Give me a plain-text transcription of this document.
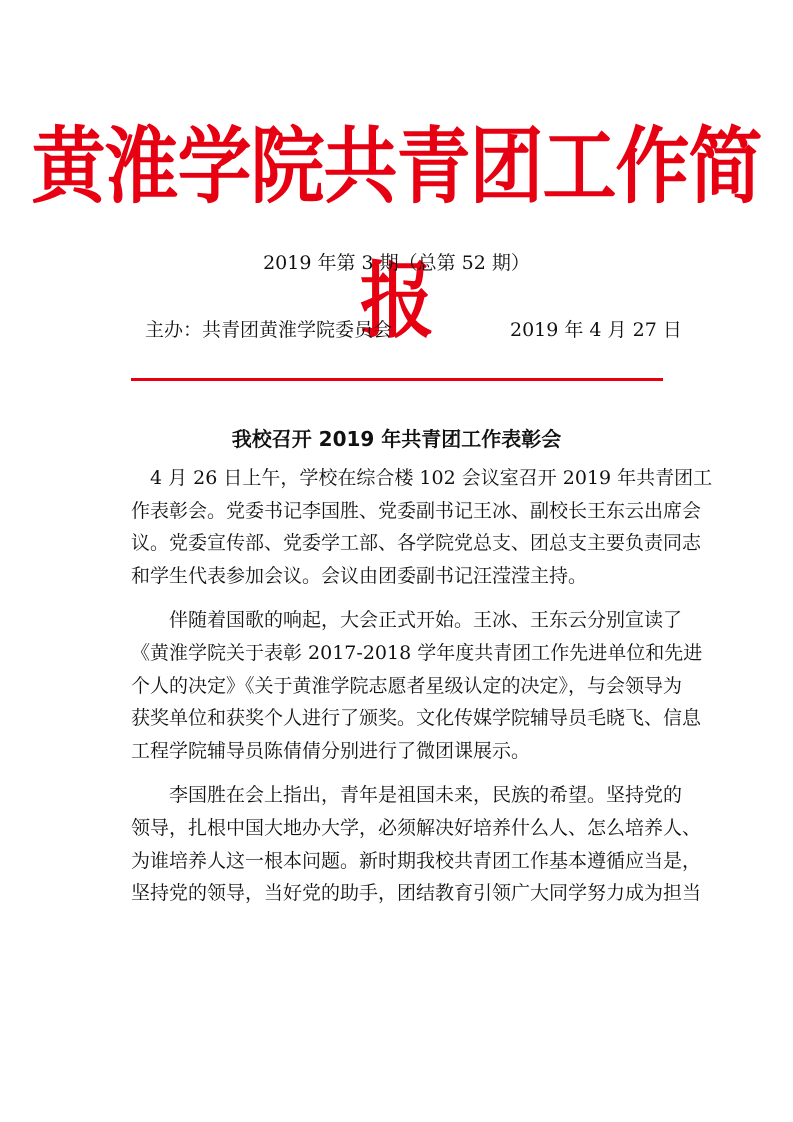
黄淮学院共青团工作简报
2019 年第 3 期（总第 52 期）
主办：共青团黄淮学院委员会	2019 年 4 月 27 日
我校召开 2019 年共青团工作表彰会
　4 月 26 日上午，学校在综合楼 102 会议室召开 2019 年共青团工
作表彰会。党委书记李国胜、党委副书记王冰、副校长王东云出席会
议。党委宣传部、党委学工部、各学院党总支、团总支主要负责同志
和学生代表参加会议。会议由团委副书记汪滢滢主持。
　　伴随着国歌的响起，大会正式开始。王冰、王东云分别宣读了
《黄淮学院关于表彰 2017-2018 学年度共青团工作先进单位和先进
个人的决定》《关于黄淮学院志愿者星级认定的决定》，与会领导为
获奖单位和获奖个人进行了颁奖。文化传媒学院辅导员毛晓飞、信息
工程学院辅导员陈倩倩分别进行了微团课展示。
　　李国胜在会上指出，青年是祖国未来，民族的希望。坚持党的
领导，扎根中国大地办大学，必须解决好培养什么人、怎么培养人、
为谁培养人这一根本问题。新时期我校共青团工作基本遵循应当是，
坚持党的领导，当好党的助手，团结教育引领广大同学努力成为担当
